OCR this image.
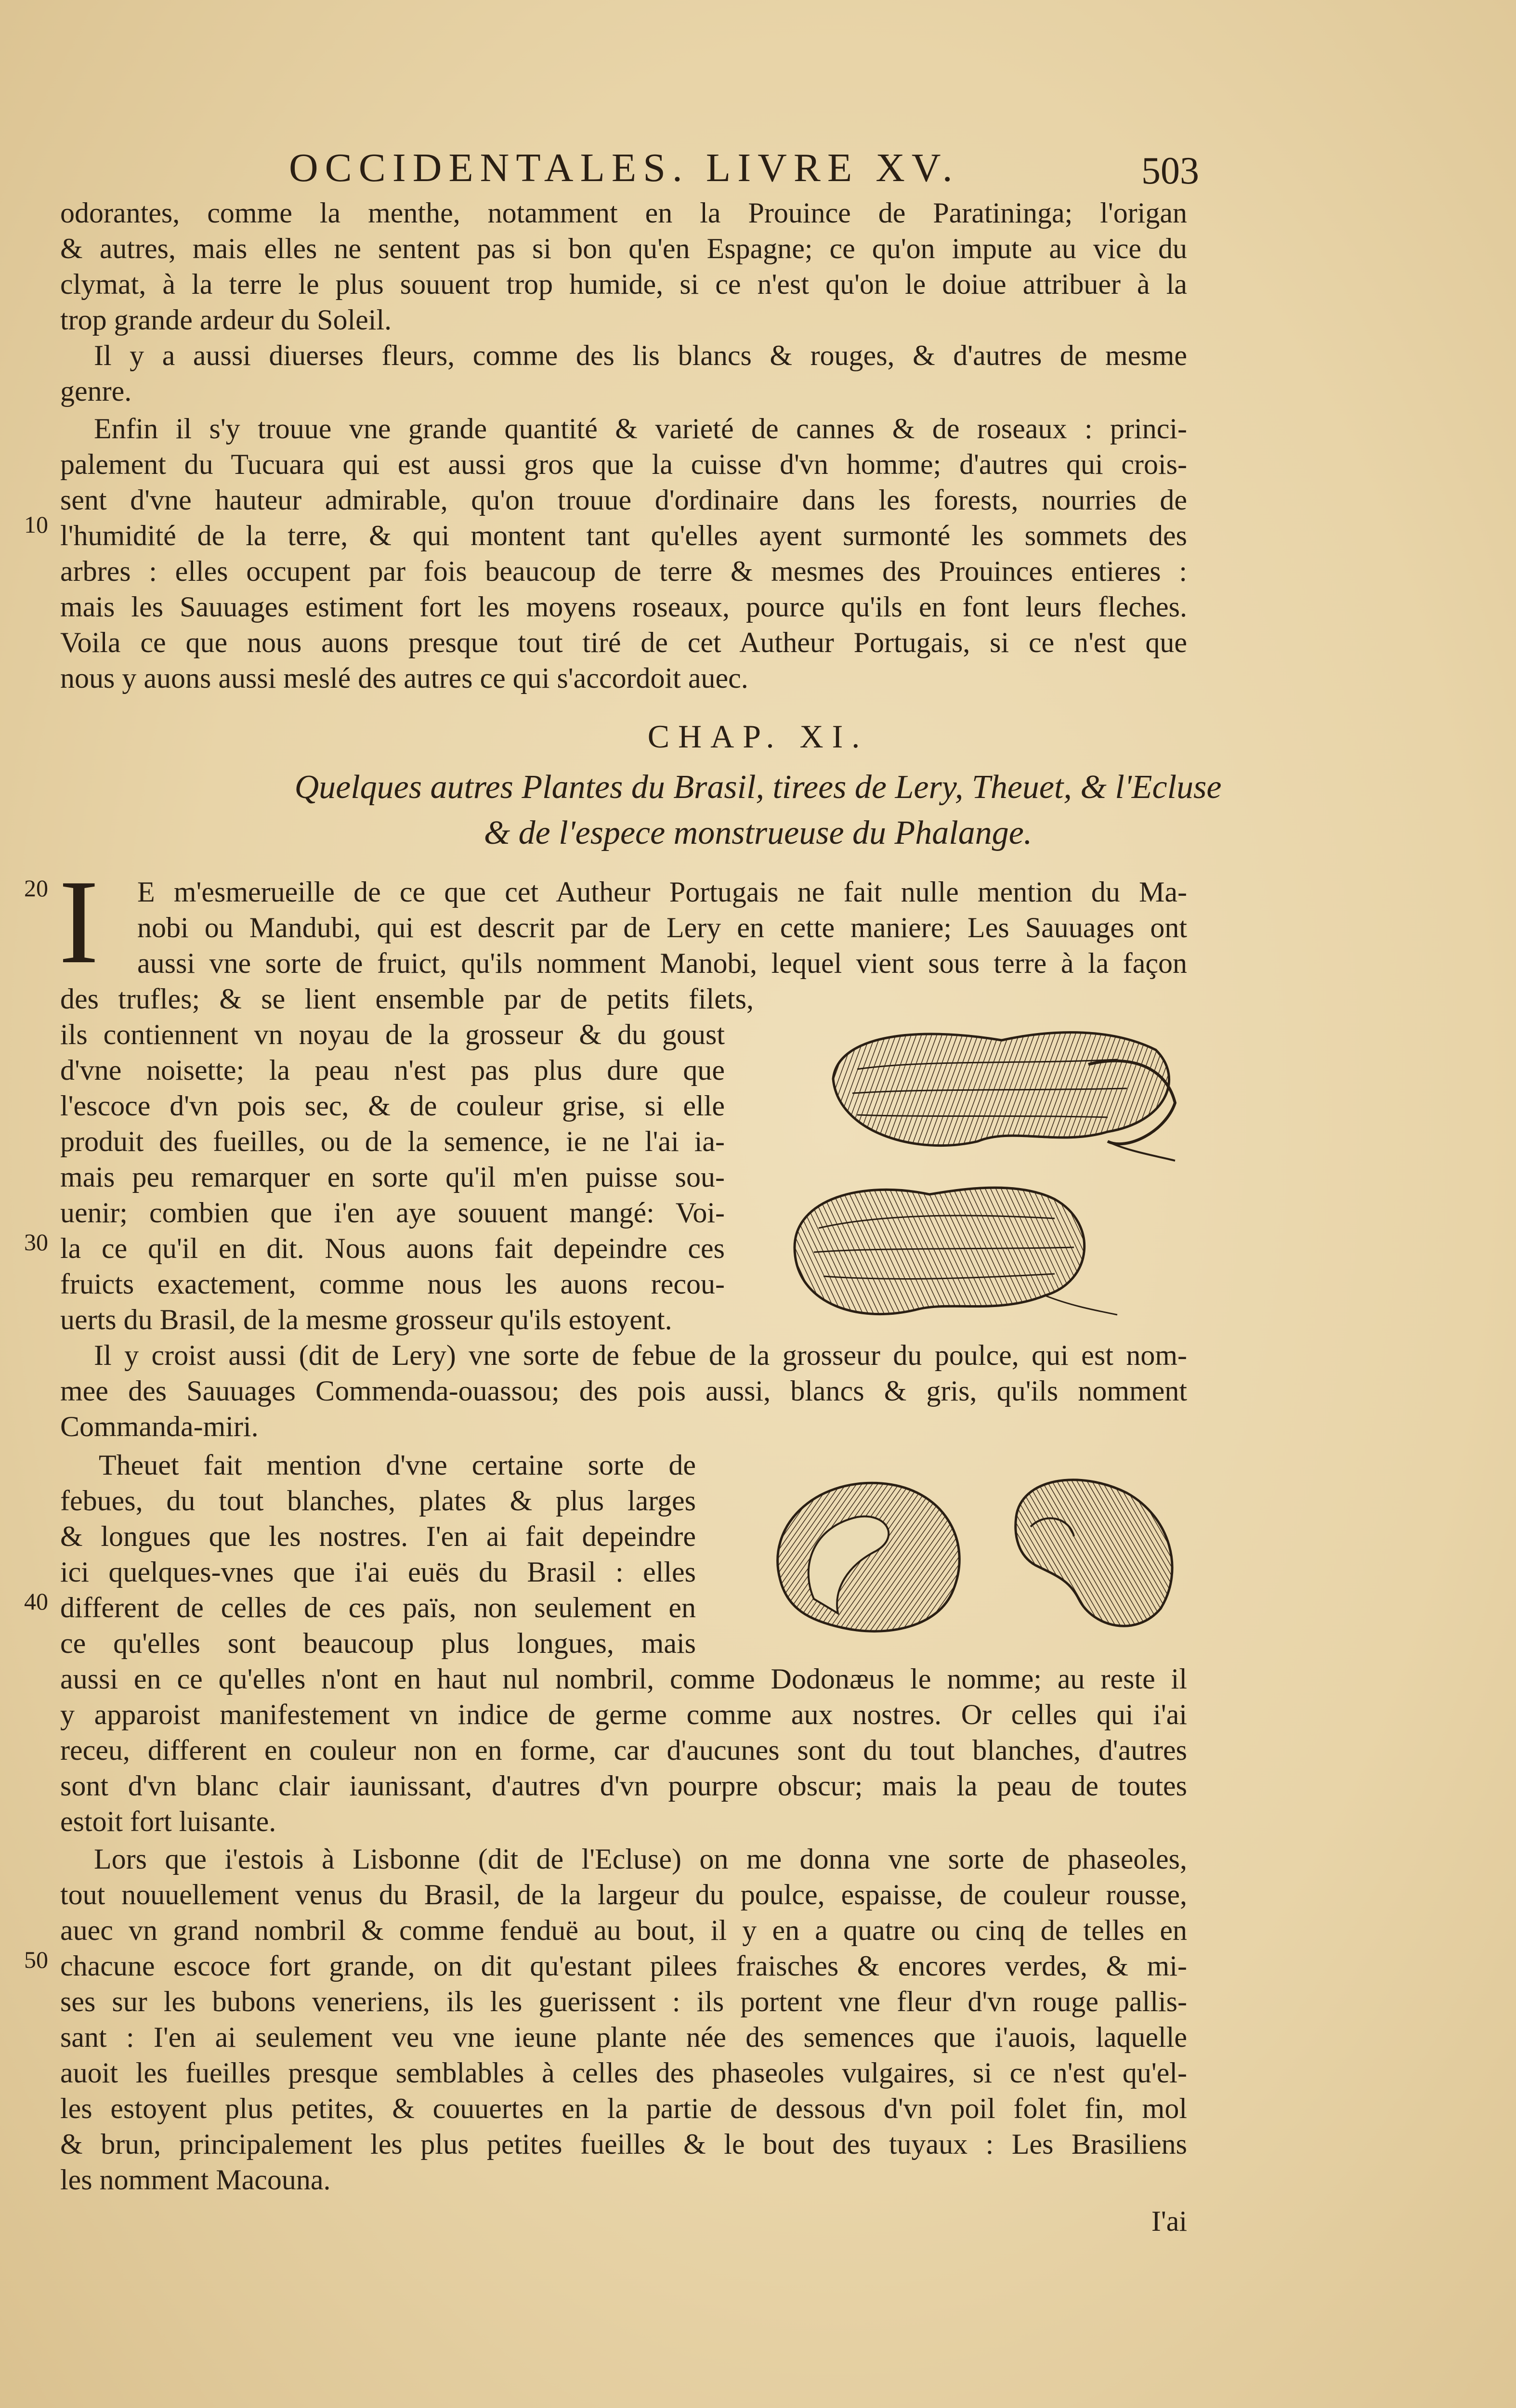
OCCIDENTALES. LIVRE XV.	503
odorantes, comme la menthe, notamment en la Prouince de Paratininga; l'origan
& autres, mais elles ne sentent pas si bon qu'en Espagne; ce qu'on impute au vice du
clymat, à la terre le plus souuent trop humide, si ce n'est qu'on le doiue attribuer à la
trop grande ardeur du Soleil.
Il y a aussi diuerses fleurs, comme des lis blancs & rouges, & d'autres de mesme
genre.
Enfin il s'y trouue vne grande quantité & varieté de cannes & de roseaux : princi-
palement du Tucuara qui est aussi gros que la cuisse d'vn homme; d'autres qui crois-
sent d'vne hauteur admirable, qu'on trouue d'ordinaire dans les forests, nourries de
10 l'humidité de la terre, & qui montent tant qu'elles ayent surmonté les sommets des
arbres : elles occupent par fois beaucoup de terre & mesmes des Prouinces entieres :
mais les Sauuages estiment fort les moyens roseaux, pource qu'ils en font leurs fleches.
Voila ce que nous auons presque tout tiré de cet Autheur Portugais, si ce n'est que
nous y auons aussi meslé des autres ce qui s'accordoit auec.
CHAP. XI.
Quelques autres Plantes du Brasil, tirees de Lery, Theuet, & l'Ecluse
& de l'espece monstrueuse du Phalange.
20 I E m'esmerueille de ce que cet Autheur Portugais ne fait nulle mention du Ma-
nobi ou Mandubi, qui est descrit par de Lery en cette maniere; Les Sauuages ont
aussi vne sorte de fruict, qu'ils nomment Manobi, lequel vient sous terre à la façon
des trufles; & se lient ensemble par de petits filets,
ils contiennent vn noyau de la grosseur & du goust
d'vne noisette; la peau n'est pas plus dure que
l'escoce d'vn pois sec, & de couleur grise, si elle
produit des fueilles, ou de la semence, ie ne l'ai ia-
mais peu remarquer en sorte qu'il m'en puisse sou-
uenir; combien que i'en aye souuent mangé: Voi-
30 la ce qu'il en dit. Nous auons fait depeindre ces
fruicts exactement, comme nous les auons recou-
uerts du Brasil, de la mesme grosseur qu'ils estoyent.
Il y croist aussi (dit de Lery) vne sorte de febue de la grosseur du poulce, qui est nom-
mee des Sauuages Commenda-ouassou; des pois aussi, blancs & gris, qu'ils nomment
Commanda-miri.
Theuet fait mention d'vne certaine sorte de
febues, du tout blanches, plates & plus larges
& longues que les nostres. I'en ai fait depeindre
ici quelques-vnes que i'ai euës du Brasil : elles
40 different de celles de ces païs, non seulement en
ce qu'elles sont beaucoup plus longues, mais
aussi en ce qu'elles n'ont en haut nul nombril, comme Dodonæus le nomme; au reste il
y apparoist manifestement vn indice de germe comme aux nostres. Or celles qui i'ai
receu, different en couleur non en forme, car d'aucunes sont du tout blanches, d'autres
sont d'vn blanc clair iaunissant, d'autres d'vn pourpre obscur; mais la peau de toutes
estoit fort luisante.
Lors que i'estois à Lisbonne (dit de l'Ecluse) on me donna vne sorte de phaseoles,
tout nouuellement venus du Brasil, de la largeur du poulce, espaisse, de couleur rousse,
auec vn grand nombril & comme fenduë au bout, il y en a quatre ou cinq de telles en
50 chacune escoce fort grande, on dit qu'estant pilees fraisches & encores verdes, & mi-
ses sur les bubons veneriens, ils les guerissent : ils portent vne fleur d'vn rouge pallis-
sant : I'en ai seulement veu vne ieune plante née des semences que i'auois, laquelle
auoit les fueilles presque semblables à celles des phaseoles vulgaires, si ce n'est qu'el-
les estoyent plus petites, & couuertes en la partie de dessous d'vn poil folet fin, mol
& brun, principalement les plus petites fueilles & le bout des tuyaux : Les Brasiliens
les nomment Macouna.
I'ai
